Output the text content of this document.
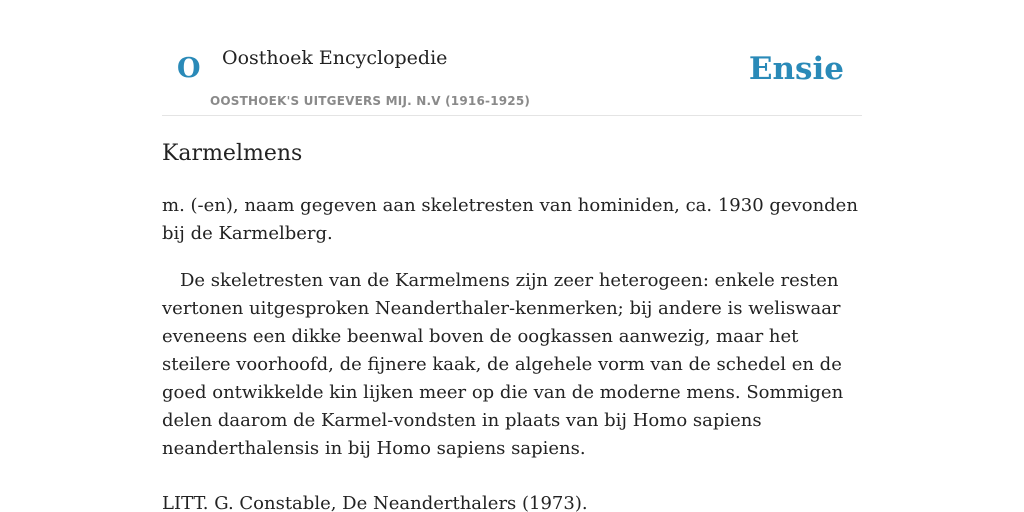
O Oosthoek Encyclopedie
OOSTHOEK'S UITGEVERS MIJ. N.V (1916-1925)
Ensie
Karmelmens

m. (-en), naam gegeven aan skeletresten van hominiden, ca. 1930 gevonden bij de Karmelberg.

De skeletresten van de Karmelmens zijn zeer heterogeen: enkele resten vertonen uitgesproken Neanderthaler-kenmerken; bij andere is weliswaar eveneens een dikke beenwal boven de oogkassen aanwezig, maar het steilere voorhoofd, de fijnere kaak, de algehele vorm van de schedel en de goed ontwikkelde kin lijken meer op die van de moderne mens. Sommigen delen daarom de Karmel-vondsten in plaats van bij Homo sapiens neanderthalensis in bij Homo sapiens sapiens.

LITT. G. Constable, De Neanderthalers (1973).
